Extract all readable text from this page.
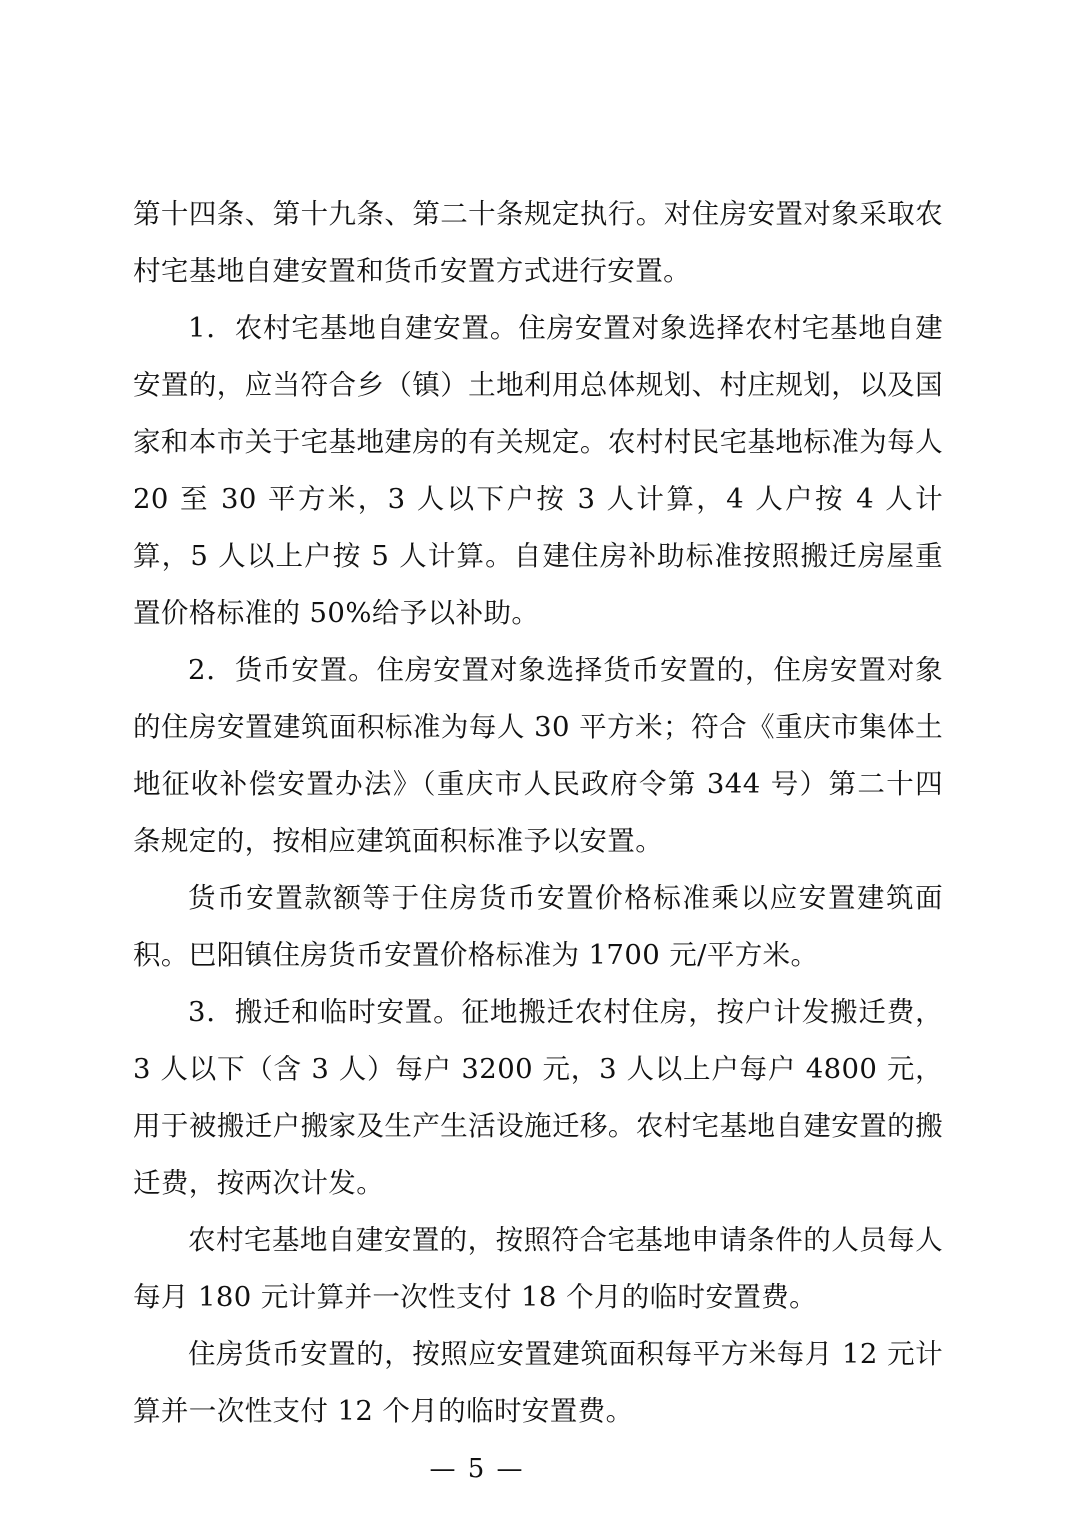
第十四条、第十九条、第二十条规定执行。对住房安置对象采取农村宅基地自建安置和货币安置方式进行安置。

1．农村宅基地自建安置。住房安置对象选择农村宅基地自建安置的，应当符合乡（镇）土地利用总体规划、村庄规划，以及国家和本市关于宅基地建房的有关规定。农村村民宅基地标准为每人 20 至 30 平方米，3 人以下户按 3 人计算，4 人户按 4 人计算，5 人以上户按 5 人计算。自建住房补助标准按照搬迁房屋重置价格标准的 50%给予以补助。

2．货币安置。住房安置对象选择货币安置的，住房安置对象的住房安置建筑面积标准为每人 30 平方米；符合《重庆市集体土地征收补偿安置办法》（重庆市人民政府令第 344 号）第二十四条规定的，按相应建筑面积标准予以安置。

货币安置款额等于住房货币安置价格标准乘以应安置建筑面积。巴阳镇住房货币安置价格标准为 1700 元/平方米。

3．搬迁和临时安置。征地搬迁农村住房，按户计发搬迁费，3 人以下（含 3 人）每户 3200 元，3 人以上户每户 4800 元，用于被搬迁户搬家及生产生活设施迁移。农村宅基地自建安置的搬迁费，按两次计发。

农村宅基地自建安置的，按照符合宅基地申请条件的人员每人每月 180 元计算并一次性支付 18 个月的临时安置费。

住房货币安置的，按照应安置建筑面积每平方米每月 12 元计算并一次性支付 12 个月的临时安置费。

— 5 —
